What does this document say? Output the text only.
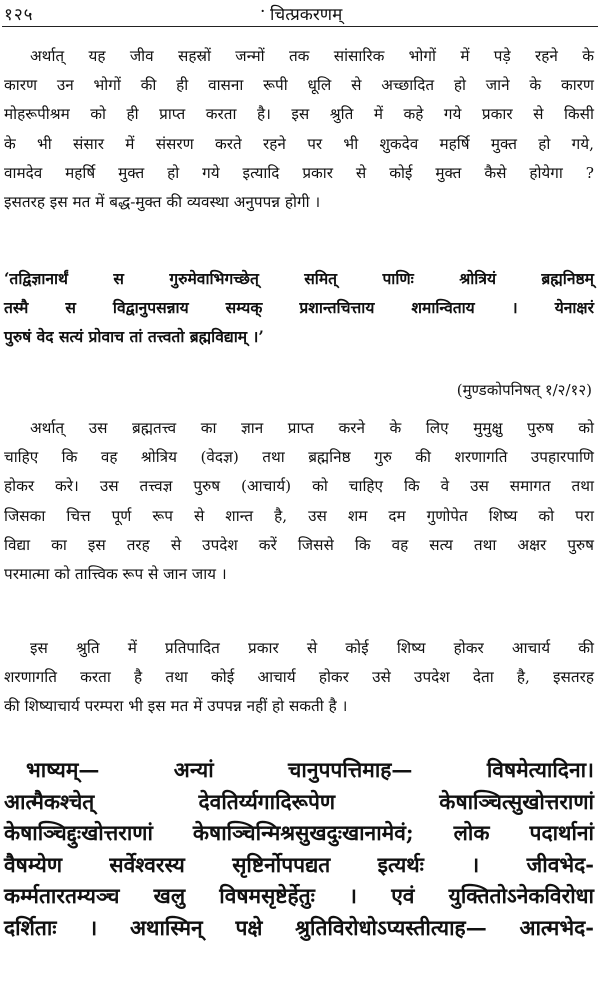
१२५	· चित्प्रकरणम्

अर्थात् यह जीव सहस्रों जन्मों तक सांसारिक भोगों में पड़े रहने के

कारण उन भोगों की ही वासना रूपी धूलि से अच्छादित हो जाने के कारण

मोहरूपीश्रम को ही प्राप्त करता है। इस श्रुति में कहे गये प्रकार से किसी

के भी संसार में संसरण करते रहने पर भी शुकदेव महर्षि मुक्त हो गये,

वामदेव महर्षि मुक्त हो गये इत्यादि प्रकार से कोई मुक्त कैसे होयेगा ?

इसतरह इस मत में बद्ध-मुक्त की व्यवस्था अनुपपन्न होगी ।

‘तद्विज्ञानार्थं स गुरुमेवाभिगच्छेत् समित् पाणिः श्रोत्रियं ब्रह्मनिष्ठम्

तस्मै स विद्वानुपसन्नाय सम्यक् प्रशान्तचित्ताय शमान्विताय । येनाक्षरं

पुरुषं वेद सत्यं प्रोवाच तां तत्त्वतो ब्रह्मविद्याम् ।’

(मुण्डकोपनिषत् १/२/१२)

अर्थात् उस ब्रह्मतत्त्व का ज्ञान प्राप्त करने के लिए मुमुक्षु पुरुष को

चाहिए कि वह श्रोत्रिय (वेदज्ञ) तथा ब्रह्मनिष्ठ गुरु की शरणागति उपहारपाणि

होकर करे। उस तत्त्वज्ञ पुरुष (आचार्य) को चाहिए कि वे उस समागत तथा

जिसका चित्त पूर्ण रूप से शान्त है, उस शम दम गुणोपेत शिष्य को परा

विद्या का इस तरह से उपदेश करें जिससे कि वह सत्य तथा अक्षर पुरुष

परमात्मा को तात्त्विक रूप से जान जाय ।

इस श्रुति में प्रतिपादित प्रकार से कोई शिष्य होकर आचार्य की

शरणागति करता है तथा कोई आचार्य होकर उसे उपदेश देता है, इसतरह

की शिष्याचार्य परम्परा भी इस मत में उपपन्न नहीं हो सकती है ।

भाष्यम्— अन्यां चानुपपत्तिमाह— विषमेत्यादिना।

आत्मैकश्चेत् देवतिर्य्यगादिरूपेण केषाञ्चित्सुखोत्तराणां

केषाञ्चिद्दुःखोत्तराणां केषाञ्चिन्मिश्रसुखदुःखानामेवं; लोक पदार्थानां

वैषम्येण सर्वेश्वरस्य सृष्टिर्नोपपद्यत इत्यर्थः । जीवभेद-

कर्म्मतारतम्यञ्च खलु विषमसृष्टेर्हेतुः । एवं युक्तितोऽनेकविरोधा

दर्शिताः । अथास्मिन् पक्षे श्रुतिविरोधोऽप्यस्तीत्याह— आत्मभेद-
